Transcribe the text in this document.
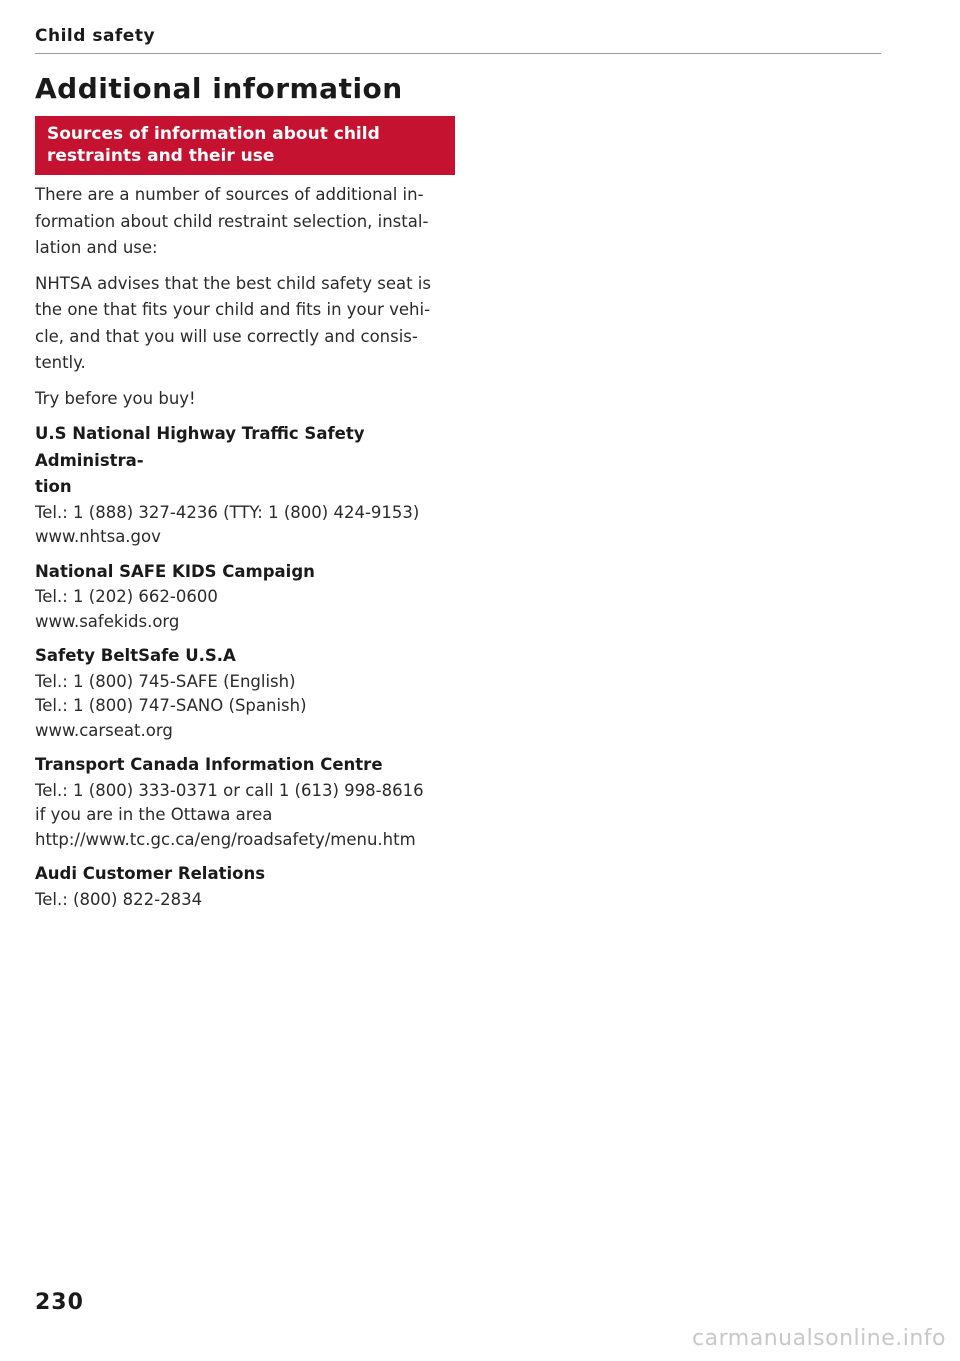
Child safety
Additional information
Sources of information about child
restraints and their use

There are a number of sources of additional in-
formation about child restraint selection, instal-
lation and use:

NHTSA advises that the best child safety seat is
the one that fits your child and fits in your vehi-
cle, and that you will use correctly and consis-
tently.

Try before you buy!

U.S National Highway Traffic Safety Administra-
tion
Tel.: 1 (888) 327-4236 (TTY: 1 (800) 424-9153)
www.nhtsa.gov
National SAFE KIDS Campaign
Tel.: 1 (202) 662-0600
www.safekids.org
Safety BeltSafe U.S.A
Tel.: 1 (800) 745-SAFE (English)
Tel.: 1 (800) 747-SANO (Spanish)
www.carseat.org
Transport Canada Information Centre
Tel.: 1 (800) 333-0371 or call 1 (613) 998-8616
if you are in the Ottawa area
http://www.tc.gc.ca/eng/roadsafety/menu.htm
Audi Customer Relations
Tel.: (800) 822-2834
230
carmanualsonline.info
